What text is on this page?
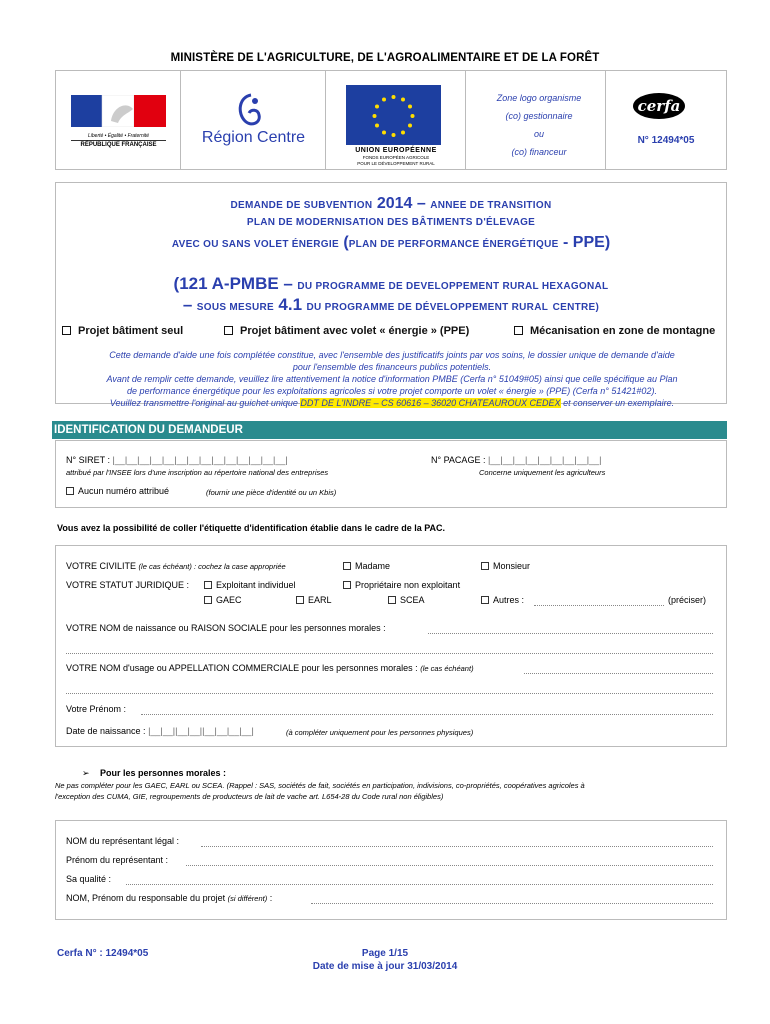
MINISTÈRE DE L'AGRICULTURE, DE L'AGROALIMENTAIRE ET DE LA FORÊT
Liberté • Égalité • Fraternité
RÉPUBLIQUE FRANÇAISE	Région Centre
UNION EUROPÉENNE
FONDS EUROPÉEN AGRICOLE
POUR LE DÉVELOPPEMENT RURAL
Zone logo organisme
(co) gestionnaire
ou
(co) financeur
cerfa
N° 12494*05
DEMANDE DE SUBVENTION 2014 – ANNEE DE TRANSITION
PLAN DE MODERNISATION DES BÂTIMENTS D'ÉLEVAGE
AVEC OU SANS VOLET ÉNERGIE (PLAN DE PERFORMANCE ÉNERGÉTIQUE - PPE)
(121 A-PMBE – DU PROGRAMME DE DEVELOPPEMENT RURAL HEXAGONAL
– SOUS MESURE 4.1 DU PROGRAMME DE DÉVELOPPEMENT RURAL CENTRE)
Projet bâtiment seul	Projet bâtiment avec volet « énergie » (PPE)	Mécanisation en zone de montagne
Cette demande d'aide une fois complétée constitue, avec l'ensemble des justificatifs joints par vos soins, le dossier unique de demande d'aide
pour l'ensemble des financeurs publics potentiels.
Avant de remplir cette demande, veuillez lire attentivement la notice d'information PMBE (Cerfa n° 51049#05) ainsi que celle spécifique au Plan
de performance énergétique pour les exploitations agricoles si votre projet comporte un volet « énergie » (PPE) (Cerfa n° 51421#02).
Veuillez transmettre l'original au guichet unique DDT DE L'INDRE – CS 60616 – 36020 CHATEAUROUX CEDEX et conserver un exemplaire.
IDENTIFICATION DU DEMANDEUR
N° SIRET : |__|__|__|__|__|__|__|__|__|__|__|__|__|__|
attribué par l'INSEE lors d'une inscription au répertoire national des entreprises
N° PACAGE : |__|__|__|__|__|__|__|__|__|
Concerne uniquement les agriculteurs
Aucun numéro attribué	(fournir une pièce d'identité ou un Kbis)
Vous avez la possibilité de coller l'étiquette d'identification établie dans le cadre de la PAC.
VOTRE CIVILITE (le cas échéant) : cochez la case appropriée	Madame	Monsieur
VOTRE STATUT JURIDIQUE :	Exploitant individuel	Propriétaire non exploitant
GAEC	EARL	SCEA	Autres :	(préciser)
VOTRE NOM de naissance ou RAISON SOCIALE pour les personnes morales :
VOTRE NOM d'usage ou APPELLATION COMMERCIALE pour les personnes morales : (le cas échéant)
Votre Prénom :
Date de naissance : |__|__||__|__||__|__|__|__|	(à compléter uniquement pour les personnes physiques)
➢ Pour les personnes morales :
Ne pas compléter pour les GAEC, EARL ou SCEA. (Rappel : SAS, sociétés de fait, sociétés en participation, indivisions, co-propriétés, coopératives agricoles à
l'exception des CUMA, GIE, regroupements de producteurs de lait de vache art. L654-28 du Code rural non éligibles)
NOM du représentant légal :
Prénom du représentant :
Sa qualité :
NOM, Prénom du responsable du projet (si différent) :
Cerfa N° : 12494*05	Page 1/15
Date de mise à jour 31/03/2014
